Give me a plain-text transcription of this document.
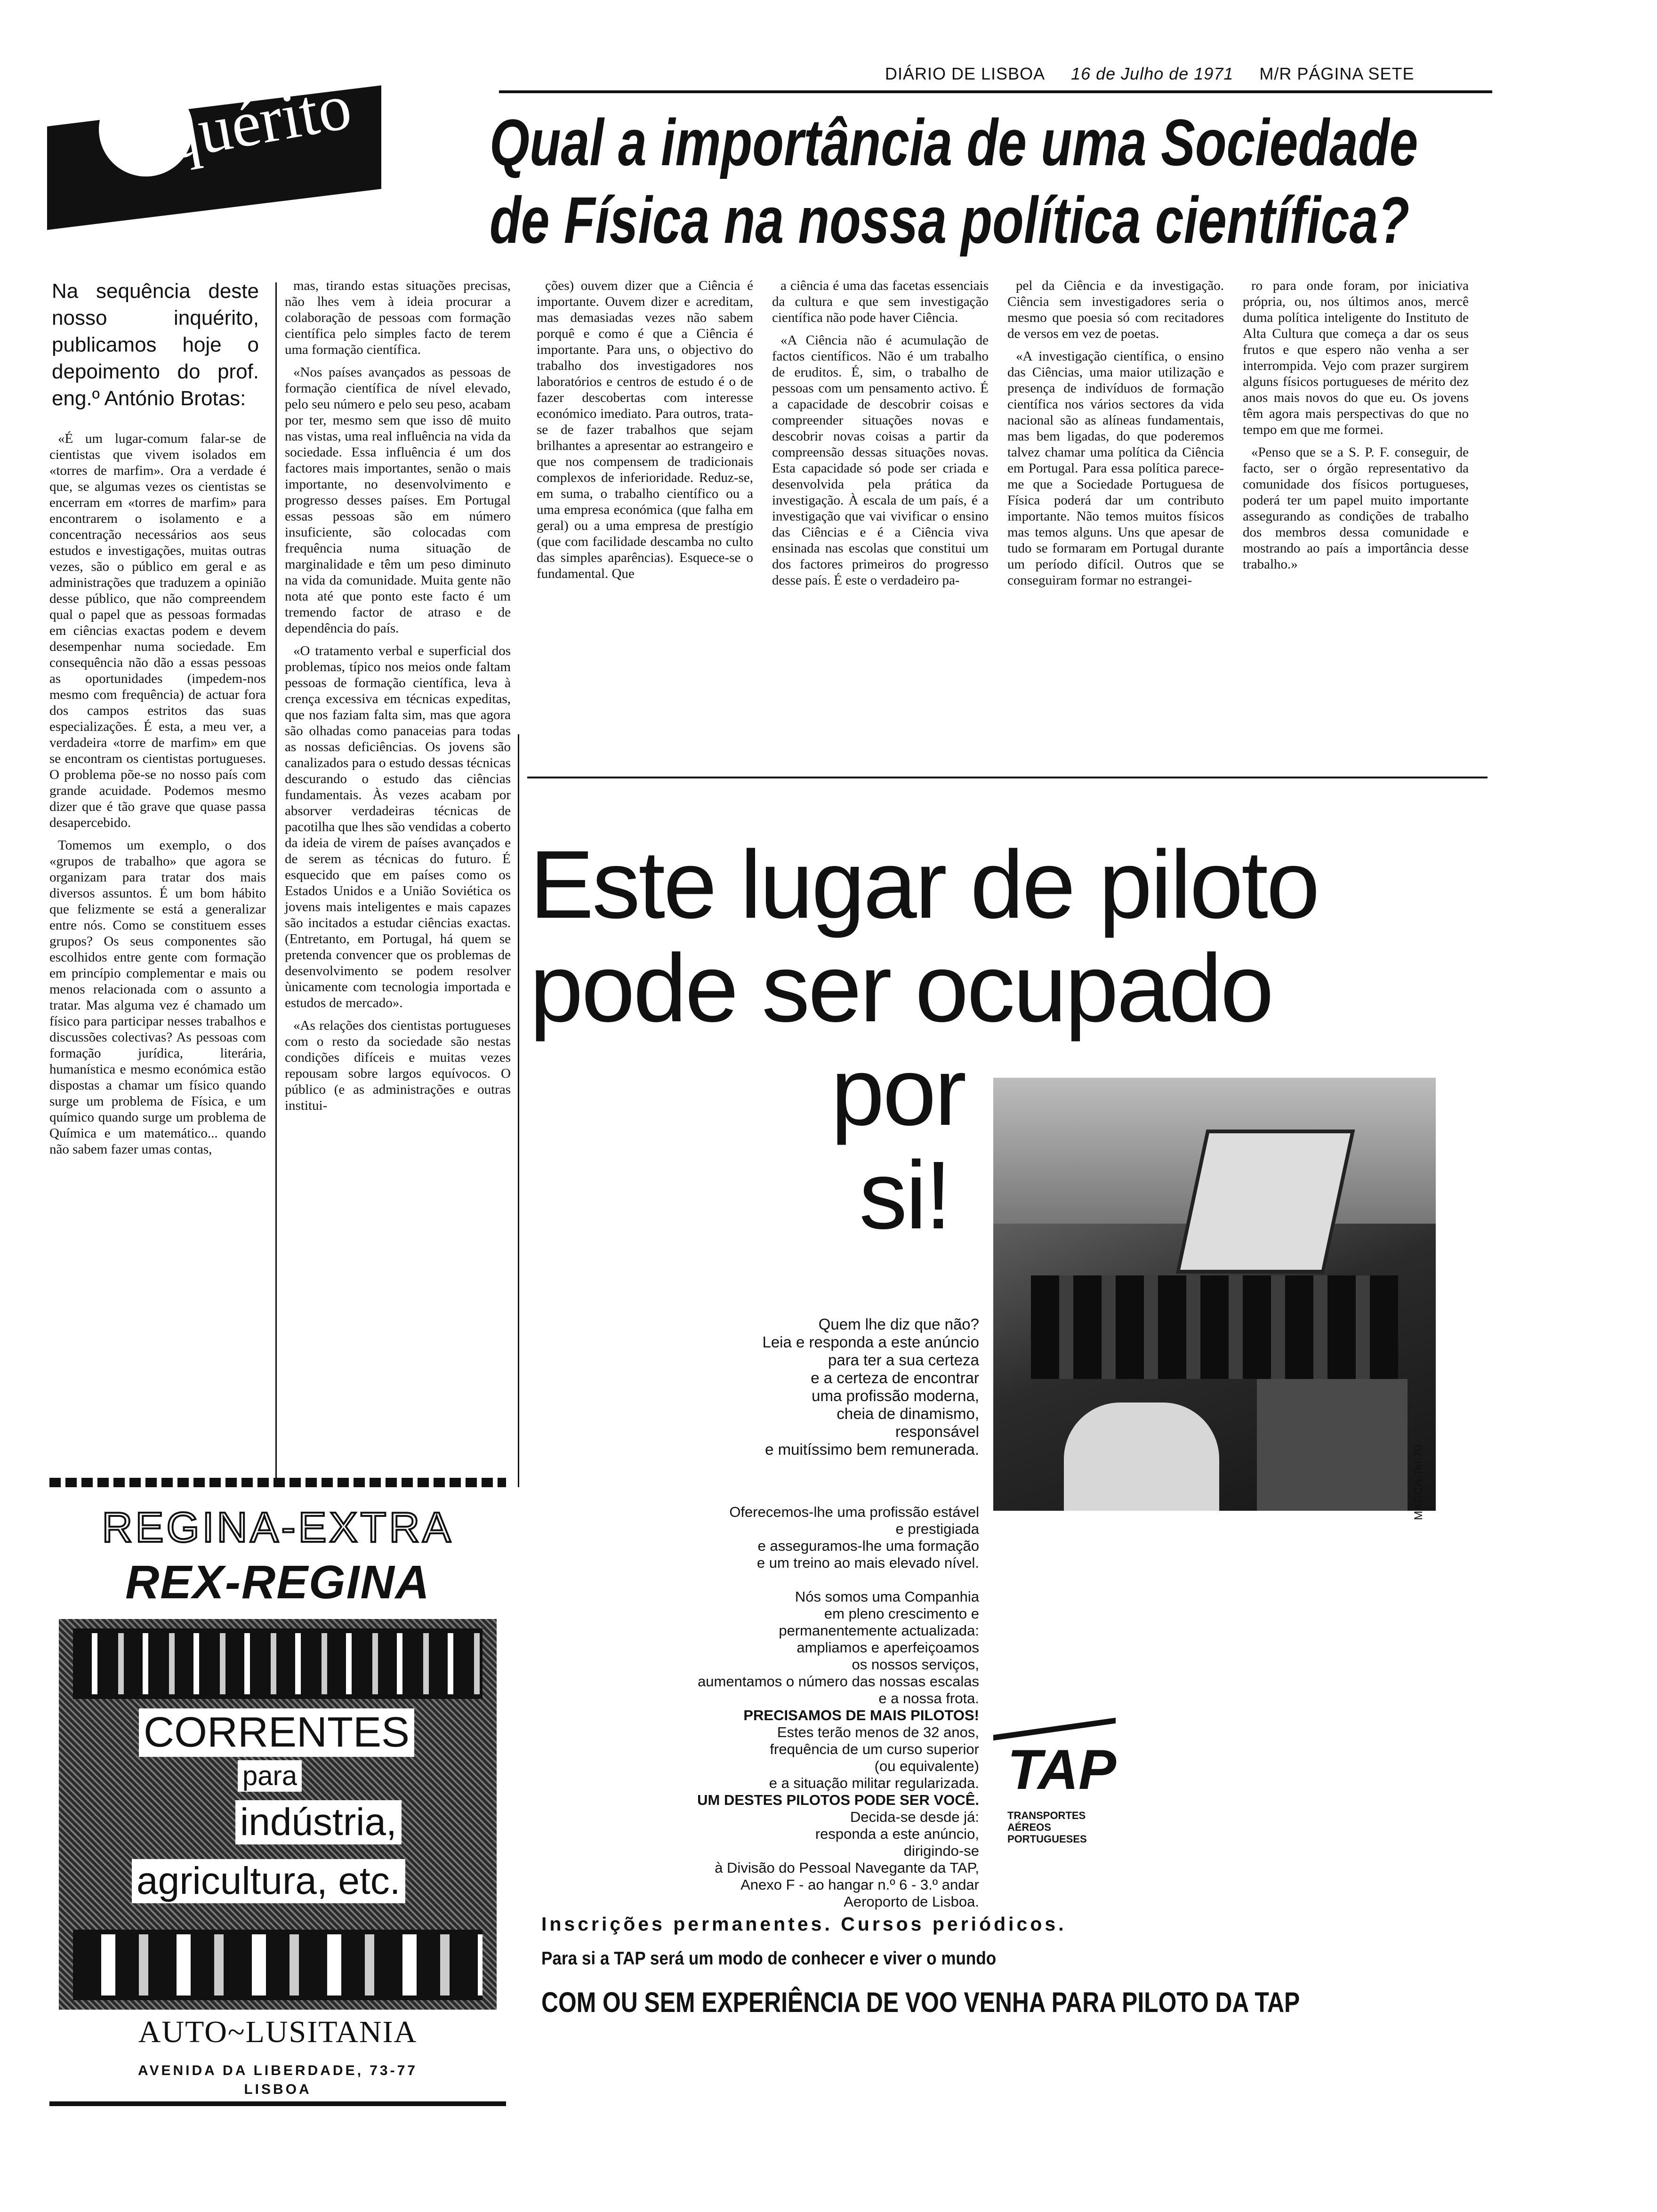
DIÁRIO DE LISBOA 16 de Julho de 1971 M/R PÁGINA SETE
inquérito Qual a importância de uma Sociedade
de Física na nossa política científica?
Na sequência deste nosso inquérito, publicamos hoje o depoimento do prof. eng.º António Brotas:

«É um lugar-comum falar-se de cientistas que vivem isolados em «torres de marfim». Ora a verdade é que, se algumas vezes os cientistas se encerram em «torres de marfim» para encontrarem o isolamento e a concentração necessários aos seus estudos e investigações, muitas outras vezes, são o público em geral e as administrações que traduzem a opinião desse público, que não compreendem qual o papel que as pessoas formadas em ciências exactas podem e devem desempenhar numa sociedade. Em consequência não dão a essas pessoas as oportunidades (impedem-nos mesmo com frequência) de actuar fora dos campos estritos das suas especializações. É esta, a meu ver, a verdadeira «torre de marfim» em que se encontram os cientistas portugueses. O problema põe-se no nosso país com grande acuidade. Podemos mesmo dizer que é tão grave que quase passa desapercebido.

Tomemos um exemplo, o dos «grupos de trabalho» que agora se organizam para tratar dos mais diversos assuntos. É um bom hábito que felizmente se está a generalizar entre nós. Como se constituem esses grupos? Os seus componentes são escolhidos entre gente com formação em princípio complementar e mais ou menos relacionada com o assunto a tratar. Mas alguma vez é chamado um físico para participar nesses trabalhos e discussões colectivas? As pessoas com formação jurídica, literária, humanística e mesmo económica estão dispostas a chamar um físico quando surge um problema de Física, e um químico quando surge um problema de Química e um matemático... quando não sabem fazer umas contas,

mas, tirando estas situações precisas, não lhes vem à ideia procurar a colaboração de pessoas com formação científica pelo simples facto de terem uma formação científica.

«Nos países avançados as pessoas de formação científica de nível elevado, pelo seu número e pelo seu peso, acabam por ter, mesmo sem que isso dê muito nas vistas, uma real influência na vida da sociedade. Essa influência é um dos factores mais importantes, senão o mais importante, no desenvolvimento e progresso desses países. Em Portugal essas pessoas são em número insuficiente, são colocadas com frequência numa situação de marginalidade e têm um peso diminuto na vida da comunidade. Muita gente não nota até que ponto este facto é um tremendo factor de atraso e de dependência do país.

«O tratamento verbal e superficial dos problemas, típico nos meios onde faltam pessoas de formação científica, leva à crença excessiva em técnicas expeditas, que nos faziam falta sim, mas que agora são olhadas como panaceias para todas as nossas deficiências. Os jovens são canalizados para o estudo dessas técnicas descurando o estudo das ciências fundamentais. Às vezes acabam por absorver verdadeiras técnicas de pacotilha que lhes são vendidas a coberto da ideia de virem de países avançados e de serem as técnicas do futuro. É esquecido que em países como os Estados Unidos e a União Soviética os jovens mais inteligentes e mais capazes são incitados a estudar ciências exactas. (Entretanto, em Portugal, há quem se pretenda convencer que os problemas de desenvolvimento se podem resolver ùnicamente com tecnologia importada e estudos de mercado».

«As relações dos cientistas portugueses com o resto da sociedade são nestas condições difíceis e muitas vezes repousam sobre largos equívocos. O público (e as administrações e outras institui-

ções) ouvem dizer que a Ciência é importante. Ouvem dizer e acreditam, mas demasiadas vezes não sabem porquê e como é que a Ciência é importante. Para uns, o objectivo do trabalho dos investigadores nos laboratórios e centros de estudo é o de fazer descobertas com interesse económico imediato. Para outros, trata-se de fazer trabalhos que sejam brilhantes a apresentar ao estrangeiro e que nos compensem de tradicionais complexos de inferioridade. Reduz-se, em suma, o trabalho científico ou a uma empresa económica (que falha em geral) ou a uma empresa de prestígio (que com facilidade descamba no culto das simples aparências). Esquece-se o fundamental. Que

a ciência é uma das facetas essenciais da cultura e que sem investigação científica não pode haver Ciência.

«A Ciência não é acumulação de factos científicos. Não é um trabalho de eruditos. É, sim, o trabalho de pessoas com um pensamento activo. É a capacidade de descobrir coisas e compreender situações novas e descobrir novas coisas a partir da compreensão dessas situações novas. Esta capacidade só pode ser criada e desenvolvida pela prática da investigação. À escala de um país, é a investigação que vai vivificar o ensino das Ciências e é a Ciência viva ensinada nas escolas que constitui um dos factores primeiros do progresso desse país. É este o verdadeiro pa-

pel da Ciência e da investigação. Ciência sem investigadores seria o mesmo que poesia só com recitadores de versos em vez de poetas.

«A investigação científica, o ensino das Ciências, uma maior utilização e presença de indivíduos de formação científica nos vários sectores da vida nacional são as alíneas fundamentais, mas bem ligadas, do que poderemos talvez chamar uma política da Ciência em Portugal. Para essa política parece-me que a Sociedade Portuguesa de Física poderá dar um contributo importante. Não temos muitos físicos mas temos alguns. Uns que apesar de tudo se formaram em Portugal durante um período difícil. Outros que se conseguiram formar no estrangei-

ro para onde foram, por iniciativa própria, ou, nos últimos anos, mercê duma política inteligente do Instituto de Alta Cultura que começa a dar os seus frutos e que espero não venha a ser interrompida. Vejo com prazer surgirem alguns físicos portugueses de mérito dez anos mais novos do que eu. Os jovens têm agora mais perspectivas do que no tempo em que me formei.

«Penso que se a S. P. F. conseguir, de facto, ser o órgão representativo da comunidade dos físicos portugueses, poderá ter um papel muito importante assegurando as condições de trabalho dos membros dessa comunidade e mostrando ao país a importância desse trabalho.»

Este lugar de piloto
pode ser ocupado
por
si!
MARCA-Tel-70
Quem lhe diz que não?
Leia e responda a este anúncio
para ter a sua certeza
e a certeza de encontrar
uma profissão moderna,
cheia de dinamismo,
responsável
e muitíssimo bem remunerada.
Oferecemos-lhe uma profissão estável
e prestigiada
e asseguramos-lhe uma formação
e um treino ao mais elevado nível.
Nós somos uma Companhia
em pleno crescimento e
permanentemente actualizada:
ampliamos e aperfeiçoamos
os nossos serviços,
aumentamos o número das nossas escalas
e a nossa frota.
PRECISAMOS DE MAIS PILOTOS!
Estes terão menos de 32 anos,
frequência de um curso superior
(ou equivalente)
e a situação militar regularizada.
UM DESTES PILOTOS PODE SER VOCÊ.
Decida-se desde já:
responda a este anúncio,
dirigindo-se
à Divisão do Pessoal Navegante da TAP,
Anexo F - ao hangar n.º 6 - 3.º andar
Aeroporto de Lisboa.
TAP
TRANSPORTES
AÉREOS
PORTUGUESES
Inscrições permanentes. Cursos periódicos.
Para si a TAP será um modo de conhecer e viver o mundo
COM OU SEM EXPERIÊNCIA DE VOO VENHA PARA PILOTO DA TAP
REGINA-EXTRA
REX-REGINA
CORRENTES
para
indústria,
agricultura, etc.
AUTO~LUSITANIA
AVENIDA DA LIBERDADE, 73-77
LISBOA
